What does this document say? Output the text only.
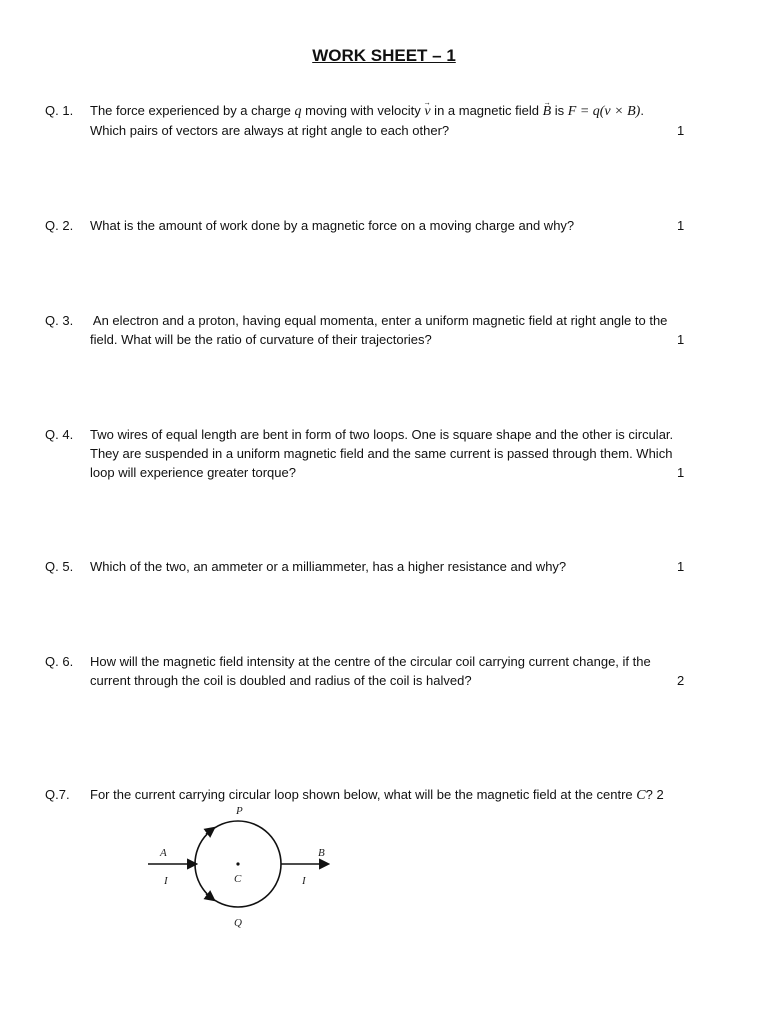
WORK SHEET – 1
Q. 1. The force experienced by a charge q moving with velocity v → in a magnetic field B → is F = q(v × B).
Which pairs of vectors are always at right angle to each other?	1
Q. 2. What is the amount of work done by a magnetic force on a moving charge and why?	1
Q. 3. An electron and a proton, having equal momenta, enter a uniform magnetic field at right angle to the
field. What will be the ratio of curvature of their trajectories?	1
Q. 4. Two wires of equal length are bent in form of two loops. One is square shape and the other is circular.
They are suspended in a uniform magnetic field and the same current is passed through them. Which
loop will experience greater torque?	1
Q. 5. Which of the two, an ammeter or a milliammeter, has a higher resistance and why?	1
Q. 6. How will the magnetic field intensity at the centre of the circular coil carrying current change, if the
current through the coil is doubled and radius of the coil is halved?	2
Q.7. For the current carrying circular loop shown below, what will be the magnetic field at the centre C? 2
P
Q
A	B
C
I	I
